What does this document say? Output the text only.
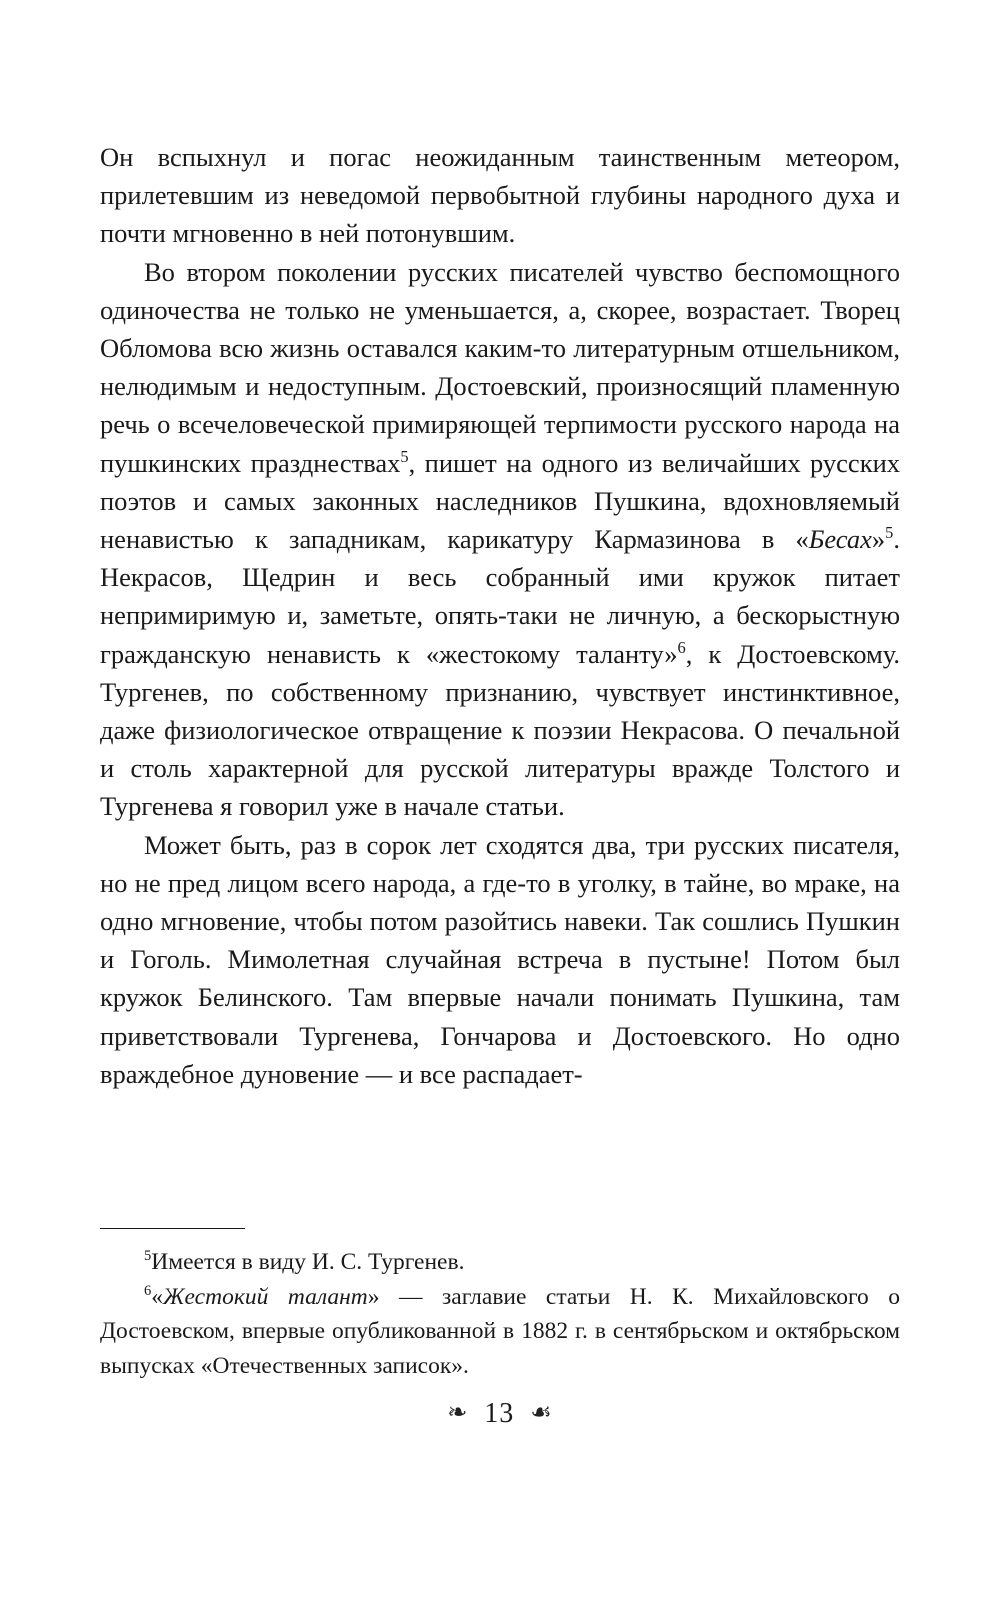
Он вспыхнул и погас неожиданным таинственным метеором, прилетевшим из неведомой первобытной глубины народного духа и почти мгновенно в ней потонувшим.

Во втором поколении русских писателей чувство беспомощного одиночества не только не уменьшается, а, скорее, возрастает. Творец Обломова всю жизнь оставался каким-то литературным отшельником, нелюдимым и недоступным. Достоевский, произносящий пламенную речь о всечеловеческой примиряющей терпимости русского народа на пушкинских празднествах$^5$, пишет на одного из величайших русских поэтов и самых законных наследников Пушкина, вдохновляемый ненавистью к западникам, карикатуру Кармазинова в «Бесах»$^5$. Некрасов, Щедрин и весь собранный ими кружок питает непримиримую и, заметьте, опять-таки не личную, а бескорыстную гражданскую ненависть к «жестокому таланту»$^6$, к Достоевскому. Тургенев, по собственному признанию, чувствует инстинктивное, даже физиологическое отвращение к поэзии Некрасова. О печальной и столь характерной для русской литературы вражде Толстого и Тургенева я говорил уже в начале статьи.

Может быть, раз в сорок лет сходятся два, три русских писателя, но не пред лицом всего народа, а где-то в уголку, в тайне, во мраке, на одно мгновение, чтобы потом разойтись навеки. Так сошлись Пушкин и Гоголь. Мимолетная случайная встреча в пустыне! Потом был кружок Белинского. Там впервые начали понимать Пушкина, там приветствовали Тургенева, Гончарова и Достоевского. Но одно враждебное дуновение — и все распадает-

$^5$Имеется в виду И. С. Тургенев.

$^6$«Жестокий талант» — заглавие статьи Н. К. Михайловского о Достоевском, впервые опубликованной в 1882 г. в сентябрьском и октябрьском выпусках «Отечественных записок».

❧ 13 ☙
